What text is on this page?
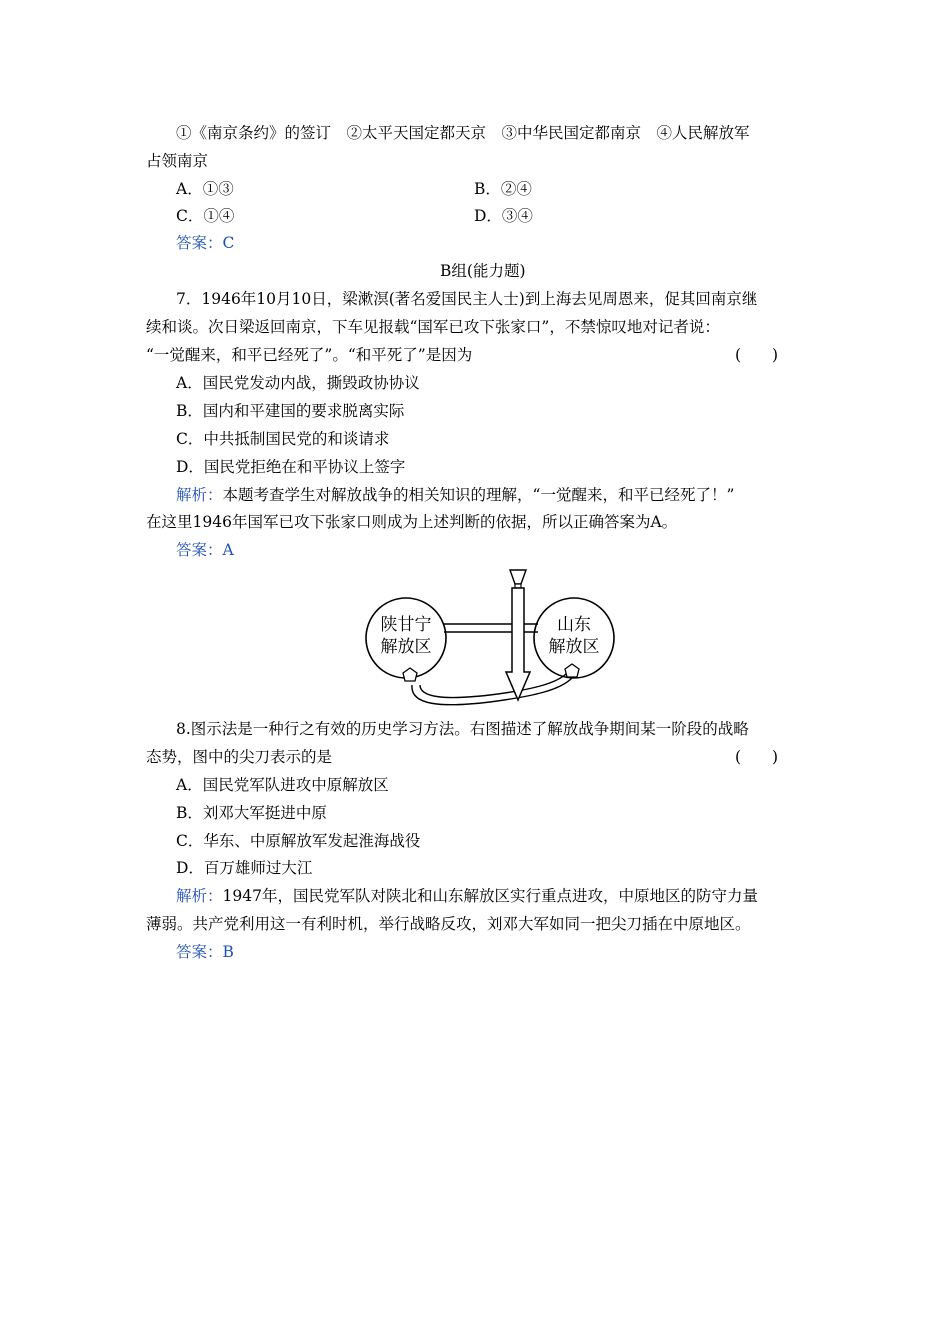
①《南京条约》的签订　②太平天国定都天京　③中华民国定都南京　④人民解放军
占领南京
A．①③	B．②④
C．①④	D．③④
答案：C
B组(能力题)
7．1946年10月10日，梁漱溟(著名爱国民主人士)到上海去见周恩来，促其回南京继
续和谈。次日梁返回南京，下车见报载“国军已攻下张家口”，不禁惊叹地对记者说：
“一觉醒来，和平已经死了”。“和平死了”是因为	(　　)
A．国民党发动内战，撕毁政协协议
B．国内和平建国的要求脱离实际
C．中共抵制国民党的和谈请求
D．国民党拒绝在和平协议上签字
解析：本题考查学生对解放战争的相关知识的理解，“一觉醒来，和平已经死了！”
在这里1946年国军已攻下张家口则成为上述判断的依据，所以正确答案为A。
答案：A
陕甘宁
解放区
山东
解放区
8.图示法是一种行之有效的历史学习方法。右图描述了解放战争期间某一阶段的战略
态势，图中的尖刀表示的是	(　　)
A．国民党军队进攻中原解放区
B．刘邓大军挺进中原
C．华东、中原解放军发起淮海战役
D．百万雄师过大江
解析：1947年，国民党军队对陕北和山东解放区实行重点进攻，中原地区的防守力量
薄弱。共产党利用这一有利时机，举行战略反攻，刘邓大军如同一把尖刀插在中原地区。
答案：B
